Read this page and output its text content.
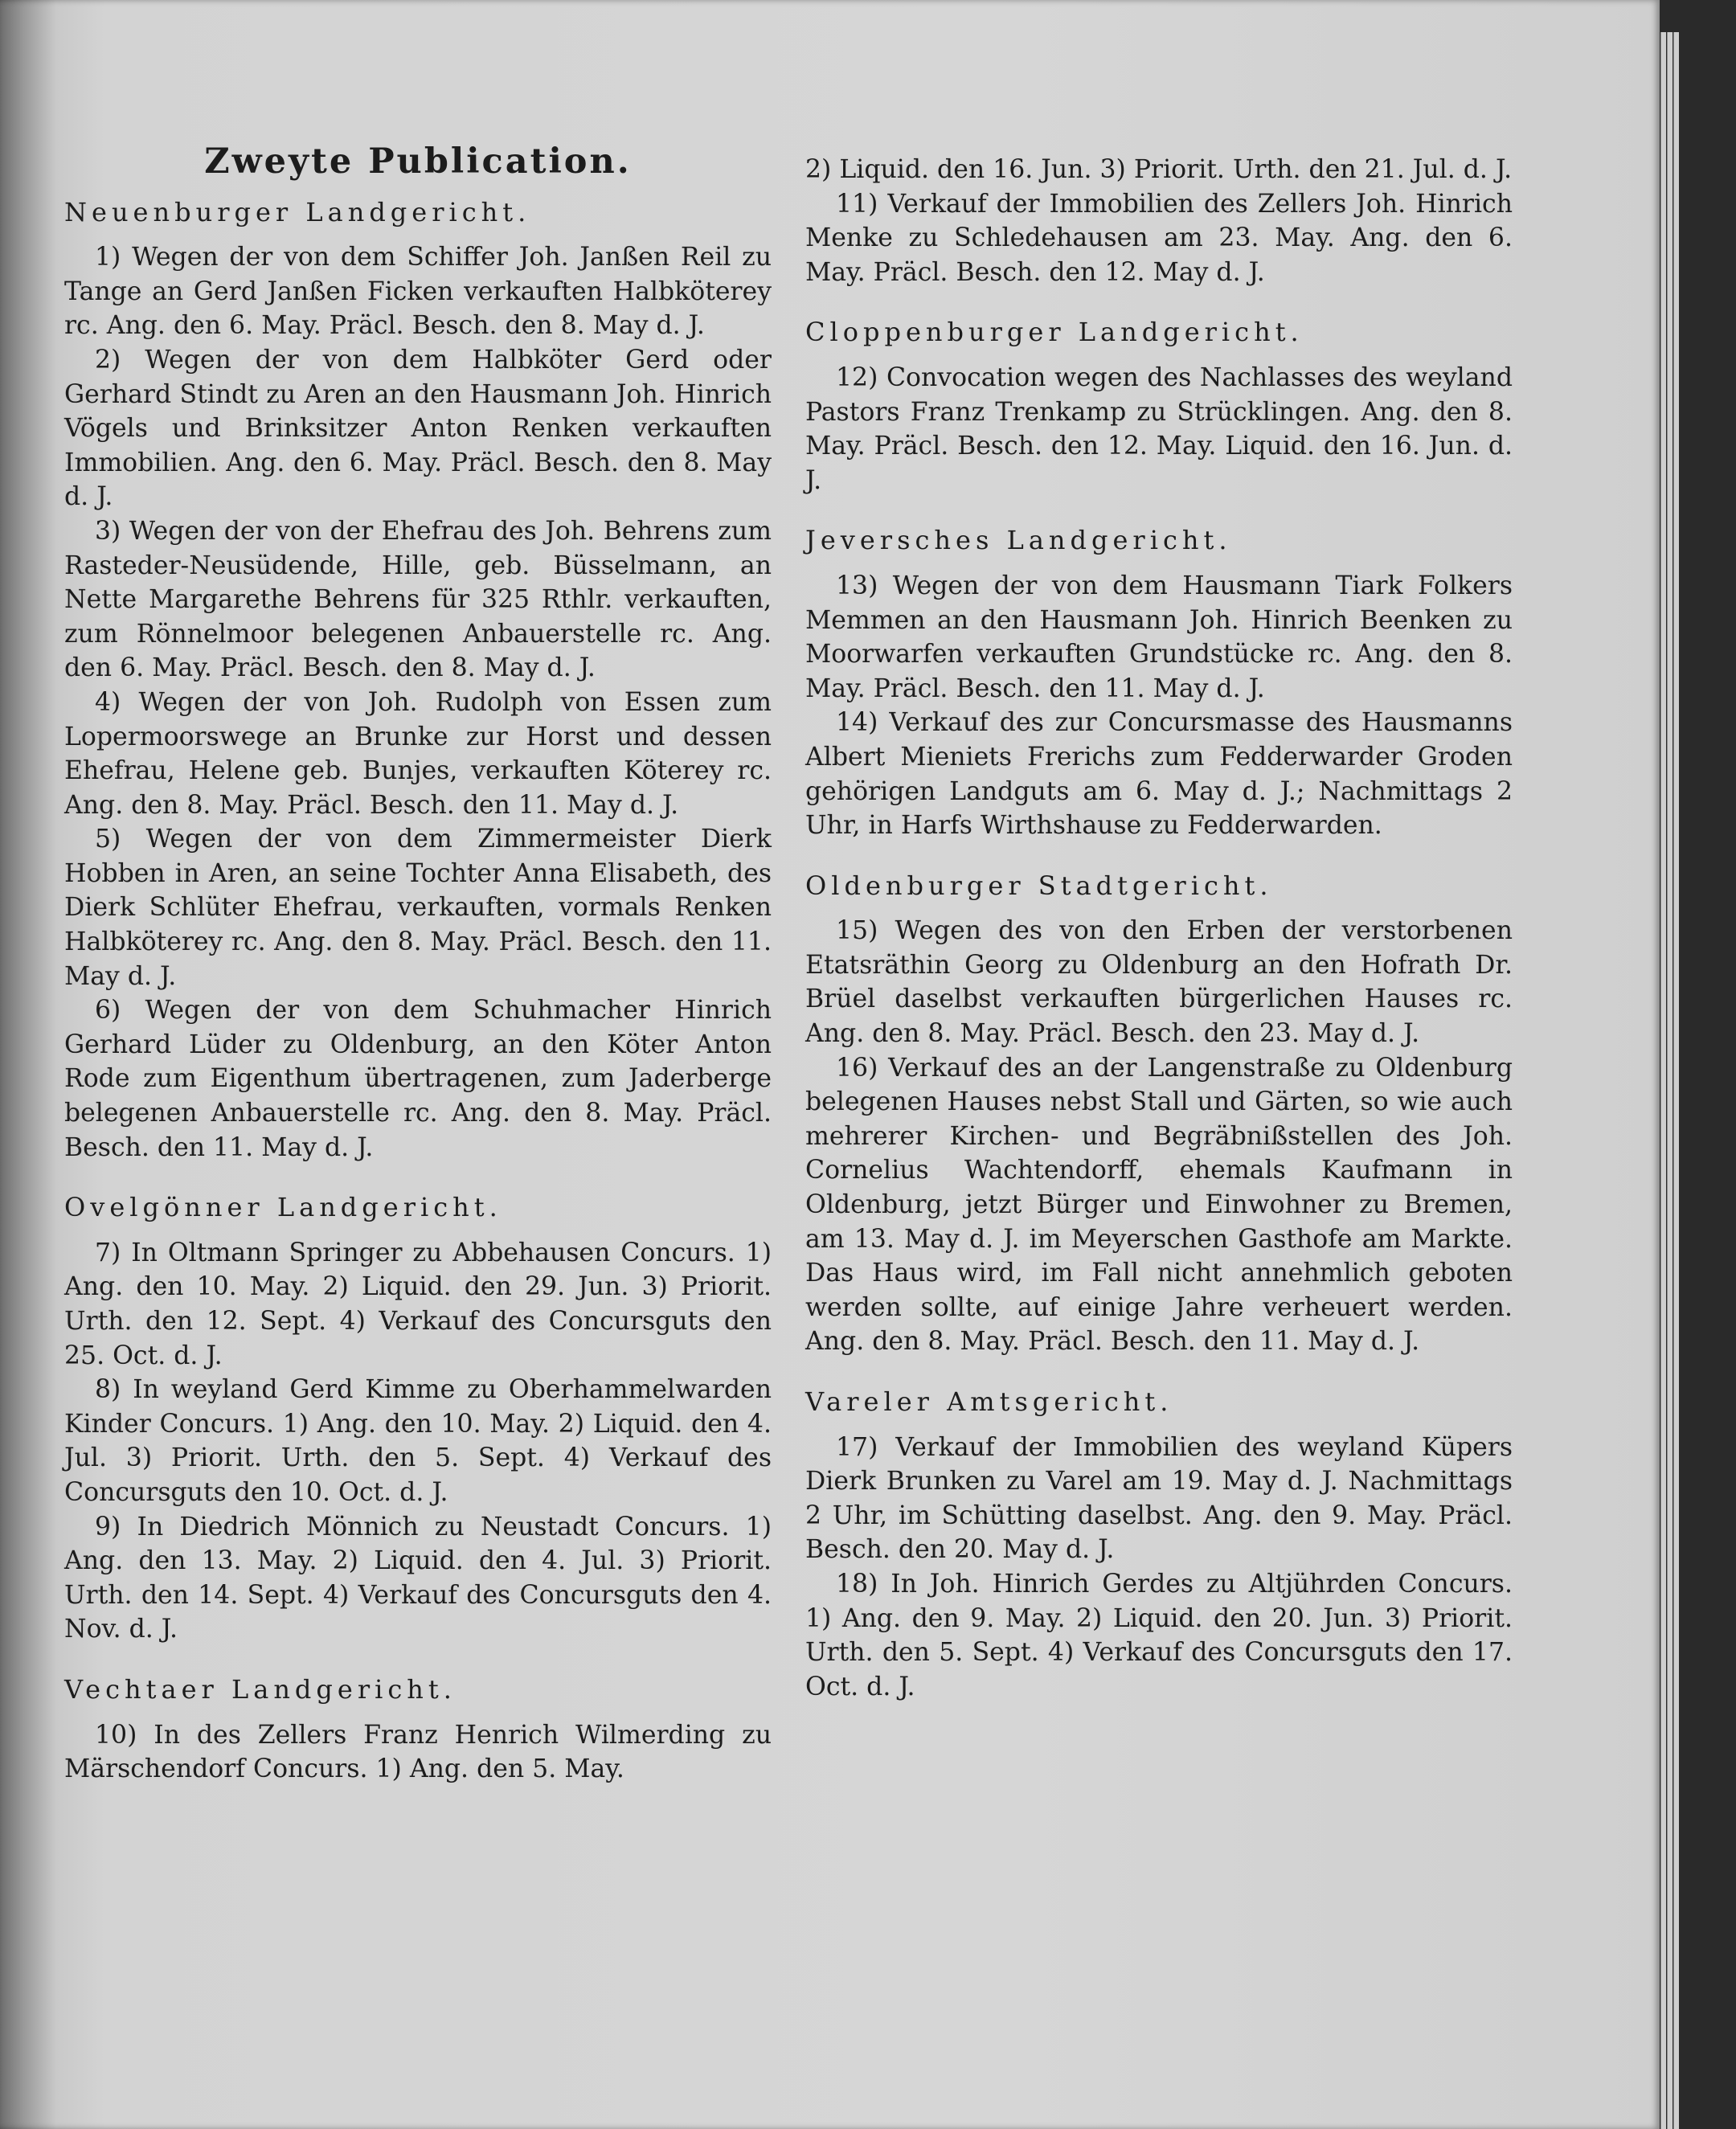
Zweyte Publication.
Neuenburger Landgericht.

1) Wegen der von dem Schiffer Joh. Janßen Reil zu Tange an Gerd Janßen Ficken verkauften Halbköterey rc. Ang. den 6. May. Präcl. Besch. den 8. May d. J.

2) Wegen der von dem Halbköter Gerd oder Gerhard Stindt zu Aren an den Hausmann Joh. Hinrich Vögels und Brinksitzer Anton Renken verkauften Immobilien. Ang. den 6. May. Präcl. Besch. den 8. May d. J.

3) Wegen der von der Ehefrau des Joh. Behrens zum Rasteder-Neusüdende, Hille, geb. Büsselmann, an Nette Margarethe Behrens für 325 Rthlr. verkauften, zum Rönnelmoor belegenen Anbauerstelle rc. Ang. den 6. May. Präcl. Besch. den 8. May d. J.

4) Wegen der von Joh. Rudolph von Essen zum Lopermoorswege an Brunke zur Horst und dessen Ehefrau, Helene geb. Bunjes, verkauften Köterey rc. Ang. den 8. May. Präcl. Besch. den 11. May d. J.

5) Wegen der von dem Zimmermeister Dierk Hobben in Aren, an seine Tochter Anna Elisabeth, des Dierk Schlüter Ehefrau, verkauften, vormals Renken Halbköterey rc. Ang. den 8. May. Präcl. Besch. den 11. May d. J.

6) Wegen der von dem Schuhmacher Hinrich Gerhard Lüder zu Oldenburg, an den Köter Anton Rode zum Eigenthum übertragenen, zum Jaderberge belegenen Anbauerstelle rc. Ang. den 8. May. Präcl. Besch. den 11. May d. J.

Ovelgönner Landgericht.

7) In Oltmann Springer zu Abbehausen Concurs. 1) Ang. den 10. May. 2) Liquid. den 29. Jun. 3) Priorit. Urth. den 12. Sept. 4) Verkauf des Concursguts den 25. Oct. d. J.

8) In weyland Gerd Kimme zu Oberhammelwarden Kinder Concurs. 1) Ang. den 10. May. 2) Liquid. den 4. Jul. 3) Priorit. Urth. den 5. Sept. 4) Verkauf des Concursguts den 10. Oct. d. J.

9) In Diedrich Mönnich zu Neustadt Concurs. 1) Ang. den 13. May. 2) Liquid. den 4. Jul. 3) Priorit. Urth. den 14. Sept. 4) Verkauf des Concursguts den 4. Nov. d. J.

Vechtaer Landgericht.

10) In des Zellers Franz Henrich Wilmerding zu Märschendorf Concurs. 1) Ang. den 5. May.

2) Liquid. den 16. Jun. 3) Priorit. Urth. den 21. Jul. d. J.

11) Verkauf der Immobilien des Zellers Joh. Hinrich Menke zu Schledehausen am 23. May. Ang. den 6. May. Präcl. Besch. den 12. May d. J.

Cloppenburger Landgericht.

12) Convocation wegen des Nachlasses des weyland Pastors Franz Trenkamp zu Strücklingen. Ang. den 8. May. Präcl. Besch. den 12. May. Liquid. den 16. Jun. d. J.

Jeversches Landgericht.

13) Wegen der von dem Hausmann Tiark Folkers Memmen an den Hausmann Joh. Hinrich Beenken zu Moorwarfen verkauften Grundstücke rc. Ang. den 8. May. Präcl. Besch. den 11. May d. J.

14) Verkauf des zur Concursmasse des Hausmanns Albert Mieniets Frerichs zum Fedderwarder Groden gehörigen Landguts am 6. May d. J.; Nachmittags 2 Uhr, in Harfs Wirthshause zu Fedderwarden.

Oldenburger Stadtgericht.

15) Wegen des von den Erben der verstorbenen Etatsräthin Georg zu Oldenburg an den Hofrath Dr. Brüel daselbst verkauften bürgerlichen Hauses rc. Ang. den 8. May. Präcl. Besch. den 23. May d. J.

16) Verkauf des an der Langenstraße zu Oldenburg belegenen Hauses nebst Stall und Gärten, so wie auch mehrerer Kirchen- und Begräbnißstellen des Joh. Cornelius Wachtendorff, ehemals Kaufmann in Oldenburg, jetzt Bürger und Einwohner zu Bremen, am 13. May d. J. im Meyerschen Gasthofe am Markte. Das Haus wird, im Fall nicht annehmlich geboten werden sollte, auf einige Jahre verheuert werden. Ang. den 8. May. Präcl. Besch. den 11. May d. J.

Vareler Amtsgericht.

17) Verkauf der Immobilien des weyland Küpers Dierk Brunken zu Varel am 19. May d. J. Nachmittags 2 Uhr, im Schütting daselbst. Ang. den 9. May. Präcl. Besch. den 20. May d. J.

18) In Joh. Hinrich Gerdes zu Altjührden Concurs. 1) Ang. den 9. May. 2) Liquid. den 20. Jun. 3) Priorit. Urth. den 5. Sept. 4) Verkauf des Concursguts den 17. Oct. d. J.
